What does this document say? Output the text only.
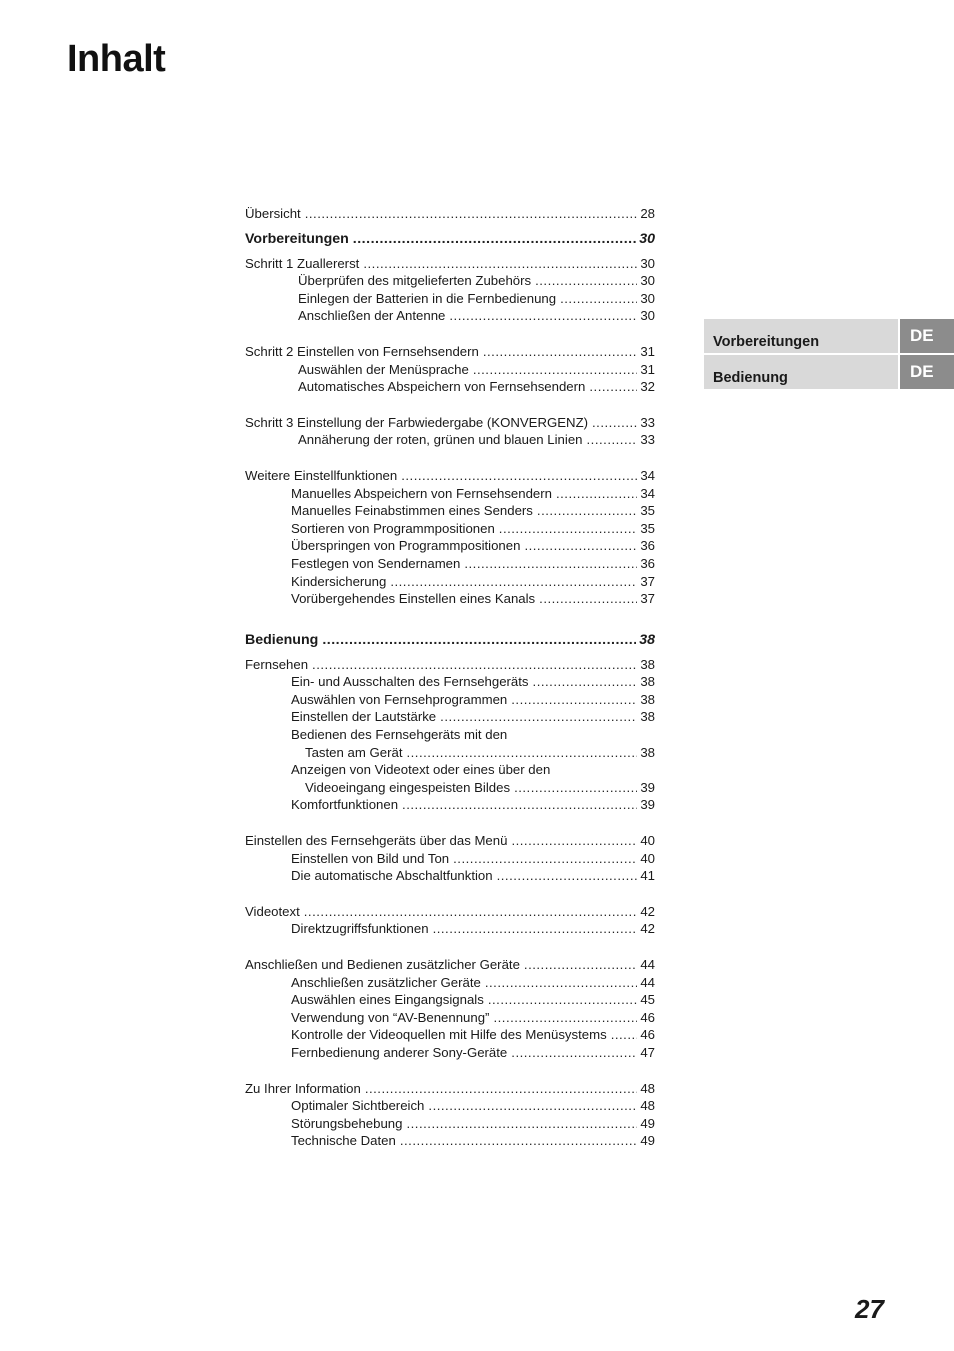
Inhalt
Übersicht .....	28
Vorbereitungen .....	30
Schritt 1 Zuallererst .....	30
Überprüfen des mitgelieferten Zubehörs .....	30
Einlegen der Batterien in die Fernbedienung .....	30
Anschließen der Antenne .....	30
Schritt 2 Einstellen von Fernsehsendern .....	31
Auswählen der Menüsprache .....	31
Automatisches Abspeichern von Fernsehsendern .....	32
Schritt 3 Einstellung der Farbwiedergabe (KONVERGENZ) .....	33
Annäherung der roten, grünen und blauen Linien .....	33
Weitere Einstellfunktionen .....	34
Manuelles Abspeichern von Fernsehsendern .....	34
Manuelles Feinabstimmen eines Senders .....	35
Sortieren von Programmpositionen .....	35
Überspringen von Programmpositionen .....	36
Festlegen von Sendernamen .....	36
Kindersicherung .....	37
Vorübergehendes Einstellen eines Kanals .....	37
Bedienung .....	38
Fernsehen .....	38
Ein- und Ausschalten des Fernsehgeräts .....	38
Auswählen von Fernsehprogrammen .....	38
Einstellen der Lautstärke .....	38
Bedienen des Fernsehgeräts mit den
Tasten am Gerät .....	38
Anzeigen von Videotext oder eines über den
Videoeingang eingespeisten Bildes .....	39
Komfortfunktionen .....	39
Einstellen des Fernsehgeräts über das Menü .....	40
Einstellen von Bild und Ton .....	40
Die automatische Abschaltfunktion .....	41
Videotext .....	42
Direktzugriffsfunktionen .....	42
Anschließen und Bedienen zusätzlicher Geräte .....	44
Anschließen zusätzlicher Geräte .....	44
Auswählen eines Eingangsignals .....	45
Verwendung von “AV-Benennung” .....	46
Kontrolle der Videoquellen mit Hilfe des Menüsystems .....	46
Fernbedienung anderer Sony-Geräte .....	47
Zu Ihrer Information .....	48
Optimaler Sichtbereich .....	48
Störungsbehebung .....	49
Technische Daten .....	49
Vorbereitungen	DE
Bedienung	DE
27
